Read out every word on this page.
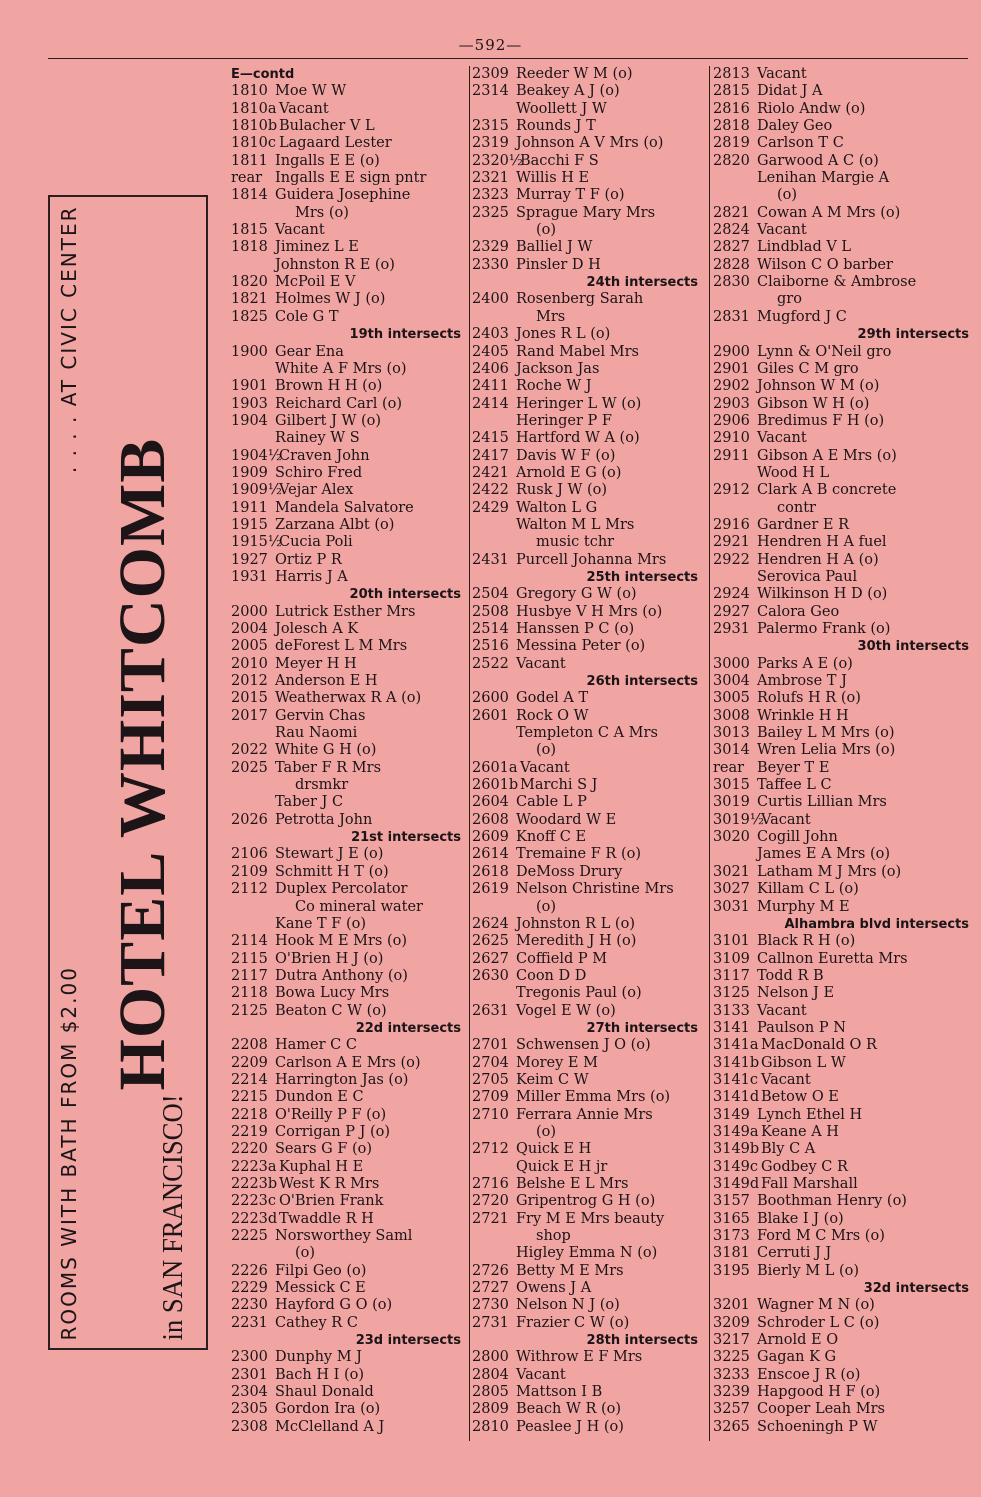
—592—
in SAN FRANCISCO!
HOTEL WHITCOMB
ROOMS WITH BATH FROM $2.00
. . . . AT CIVIC CENTER
E—contd
1810 Moe W W
1810a Vacant
1810b Bulacher V L
1810c Lagaard Lester
1811 Ingalls E E (o)
rear Ingalls E E sign pntr
1814 Guidera Josephine
Mrs (o)
1815 Vacant
1818 Jiminez L E
Johnston R E (o)
1820 McPoil E V
1821 Holmes W J (o)
1825 Cole G T
19th intersects
1900 Gear Ena
White A F Mrs (o)
1901 Brown H H (o)
1903 Reichard Carl (o)
1904 Gilbert J W (o)
Rainey W S
1904½Craven John
1909 Schiro Fred
1909½Vejar Alex
1911 Mandela Salvatore
1915 Zarzana Albt (o)
1915½Cucia Poli
1927 Ortiz P R
1931 Harris J A
20th intersects
2000 Lutrick Esther Mrs
2004 Jolesch A K
2005 deForest L M Mrs
2010 Meyer H H
2012 Anderson E H
2015 Weatherwax R A (o)
2017 Gervin Chas
Rau Naomi
2022 White G H (o)
2025 Taber F R Mrs
drsmkr
Taber J C
2026 Petrotta John
21st intersects
2106 Stewart J E (o)
2109 Schmitt H T (o)
2112 Duplex Percolator
Co mineral water
Kane T F (o)
2114 Hook M E Mrs (o)
2115 O'Brien H J (o)
2117 Dutra Anthony (o)
2118 Bowa Lucy Mrs
2125 Beaton C W (o)
22d intersects
2208 Hamer C C
2209 Carlson A E Mrs (o)
2214 Harrington Jas (o)
2215 Dundon E C
2218 O'Reilly P F (o)
2219 Corrigan P J (o)
2220 Sears G F (o)
2223a Kuphal H E
2223b West K R Mrs
2223c O'Brien Frank
2223d Twaddle R H
2225 Norsworthey Saml
(o)
2226 Filpi Geo (o)
2229 Messick C E
2230 Hayford G O (o)
2231 Cathey R C
23d intersects
2300 Dunphy M J
2301 Bach H I (o)
2304 Shaul Donald
2305 Gordon Ira (o)
2308 McClelland A J
2309 Reeder W M (o)
2314 Beakey A J (o)
Woollett J W
2315 Rounds J T
2319 Johnson A V Mrs (o)
2320½Bacchi F S
2321 Willis H E
2323 Murray T F (o)
2325 Sprague Mary Mrs
(o)
2329 Balliel J W
2330 Pinsler D H
24th intersects
2400 Rosenberg Sarah
Mrs
2403 Jones R L (o)
2405 Rand Mabel Mrs
2406 Jackson Jas
2411 Roche W J
2414 Heringer L W (o)
Heringer P F
2415 Hartford W A (o)
2417 Davis W F (o)
2421 Arnold E G (o)
2422 Rusk J W (o)
2429 Walton L G
Walton M L Mrs
music tchr
2431 Purcell Johanna Mrs
25th intersects
2504 Gregory G W (o)
2508 Husbye V H Mrs (o)
2514 Hanssen P C (o)
2516 Messina Peter (o)
2522 Vacant
26th intersects
2600 Godel A T
2601 Rock O W
Templeton C A Mrs
(o)
2601a Vacant
2601b Marchi S J
2604 Cable L P
2608 Woodard W E
2609 Knoff C E
2614 Tremaine F R (o)
2618 DeMoss Drury
2619 Nelson Christine Mrs
(o)
2624 Johnston R L (o)
2625 Meredith J H (o)
2627 Coffield P M
2630 Coon D D
Tregonis Paul (o)
2631 Vogel E W (o)
27th intersects
2701 Schwensen J O (o)
2704 Morey E M
2705 Keim C W
2709 Miller Emma Mrs (o)
2710 Ferrara Annie Mrs
(o)
2712 Quick E H
Quick E H jr
2716 Belshe E L Mrs
2720 Gripentrog G H (o)
2721 Fry M E Mrs beauty
shop
Higley Emma N (o)
2726 Betty M E Mrs
2727 Owens J A
2730 Nelson N J (o)
2731 Frazier C W (o)
28th intersects
2800 Withrow E F Mrs
2804 Vacant
2805 Mattson I B
2809 Beach W R (o)
2810 Peaslee J H (o)
2813 Vacant
2815 Didat J A
2816 Riolo Andw (o)
2818 Daley Geo
2819 Carlson T C
2820 Garwood A C (o)
Lenihan Margie A
(o)
2821 Cowan A M Mrs (o)
2824 Vacant
2827 Lindblad V L
2828 Wilson C O barber
2830 Claiborne & Ambrose
gro
2831 Mugford J C
29th intersects
2900 Lynn & O'Neil gro
2901 Giles C M gro
2902 Johnson W M (o)
2903 Gibson W H (o)
2906 Bredimus F H (o)
2910 Vacant
2911 Gibson A E Mrs (o)
Wood H L
2912 Clark A B concrete
contr
2916 Gardner E R
2921 Hendren H A fuel
2922 Hendren H A (o)
Serovica Paul
2924 Wilkinson H D (o)
2927 Calora Geo
2931 Palermo Frank (o)
30th intersects
3000 Parks A E (o)
3004 Ambrose T J
3005 Rolufs H R (o)
3008 Wrinkle H H
3013 Bailey L M Mrs (o)
3014 Wren Lelia Mrs (o)
rear Beyer T E
3015 Taffee L C
3019 Curtis Lillian Mrs
3019½Vacant
3020 Cogill John
James E A Mrs (o)
3021 Latham M J Mrs (o)
3027 Killam C L (o)
3031 Murphy M E
Alhambra blvd intersects
3101 Black R H (o)
3109 Callnon Euretta Mrs
3117 Todd R B
3125 Nelson J E
3133 Vacant
3141 Paulson P N
3141a MacDonald O R
3141b Gibson L W
3141c Vacant
3141d Betow O E
3149 Lynch Ethel H
3149a Keane A H
3149b Bly C A
3149c Godbey C R
3149d Fall Marshall
3157 Boothman Henry (o)
3165 Blake I J (o)
3173 Ford M C Mrs (o)
3181 Cerruti J J
3195 Bierly M L (o)
32d intersects
3201 Wagner M N (o)
3209 Schroder L C (o)
3217 Arnold E O
3225 Gagan K G
3233 Enscoe J R (o)
3239 Hapgood H F (o)
3257 Cooper Leah Mrs
3265 Schoeningh P W
